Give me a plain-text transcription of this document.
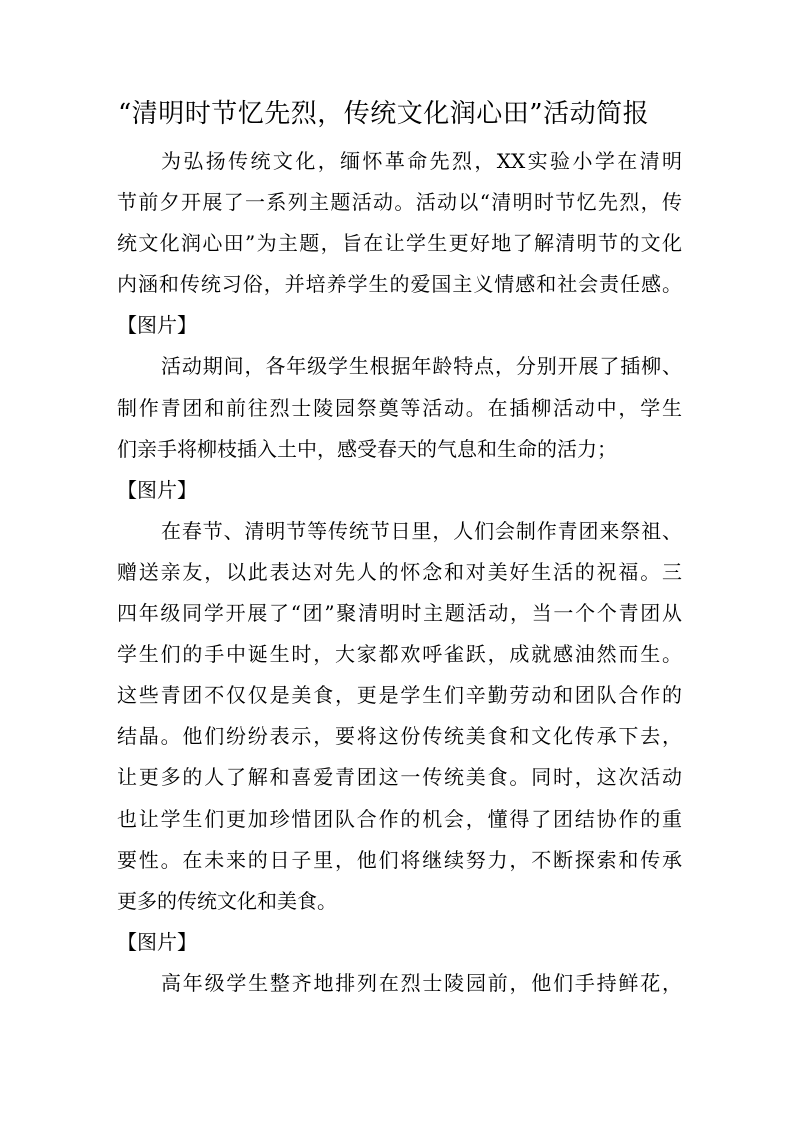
“清明时节忆先烈，传统文化润心田”活动简报
为弘扬传统文化，缅怀革命先烈，XX实验小学在清明
节前夕开展了一系列主题活动。活动以“清明时节忆先烈，传
统文化润心田”为主题，旨在让学生更好地了解清明节的文化
内涵和传统习俗，并培养学生的爱国主义情感和社会责任感。
【图片】
活动期间，各年级学生根据年龄特点，分别开展了插柳、
制作青团和前往烈士陵园祭奠等活动。在插柳活动中，学生
们亲手将柳枝插入土中，感受春天的气息和生命的活力；
【图片】
在春节、清明节等传统节日里，人们会制作青团来祭祖、
赠送亲友，以此表达对先人的怀念和对美好生活的祝福。三
四年级同学开展了“团”聚清明时主题活动，当一个个青团从
学生们的手中诞生时，大家都欢呼雀跃，成就感油然而生。
这些青团不仅仅是美食，更是学生们辛勤劳动和团队合作的
结晶。他们纷纷表示，要将这份传统美食和文化传承下去，
让更多的人了解和喜爱青团这一传统美食。同时，这次活动
也让学生们更加珍惜团队合作的机会，懂得了团结协作的重
要性。在未来的日子里，他们将继续努力，不断探索和传承
更多的传统文化和美食。
【图片】
高年级学生整齐地排列在烈士陵园前，他们手持鲜花，
